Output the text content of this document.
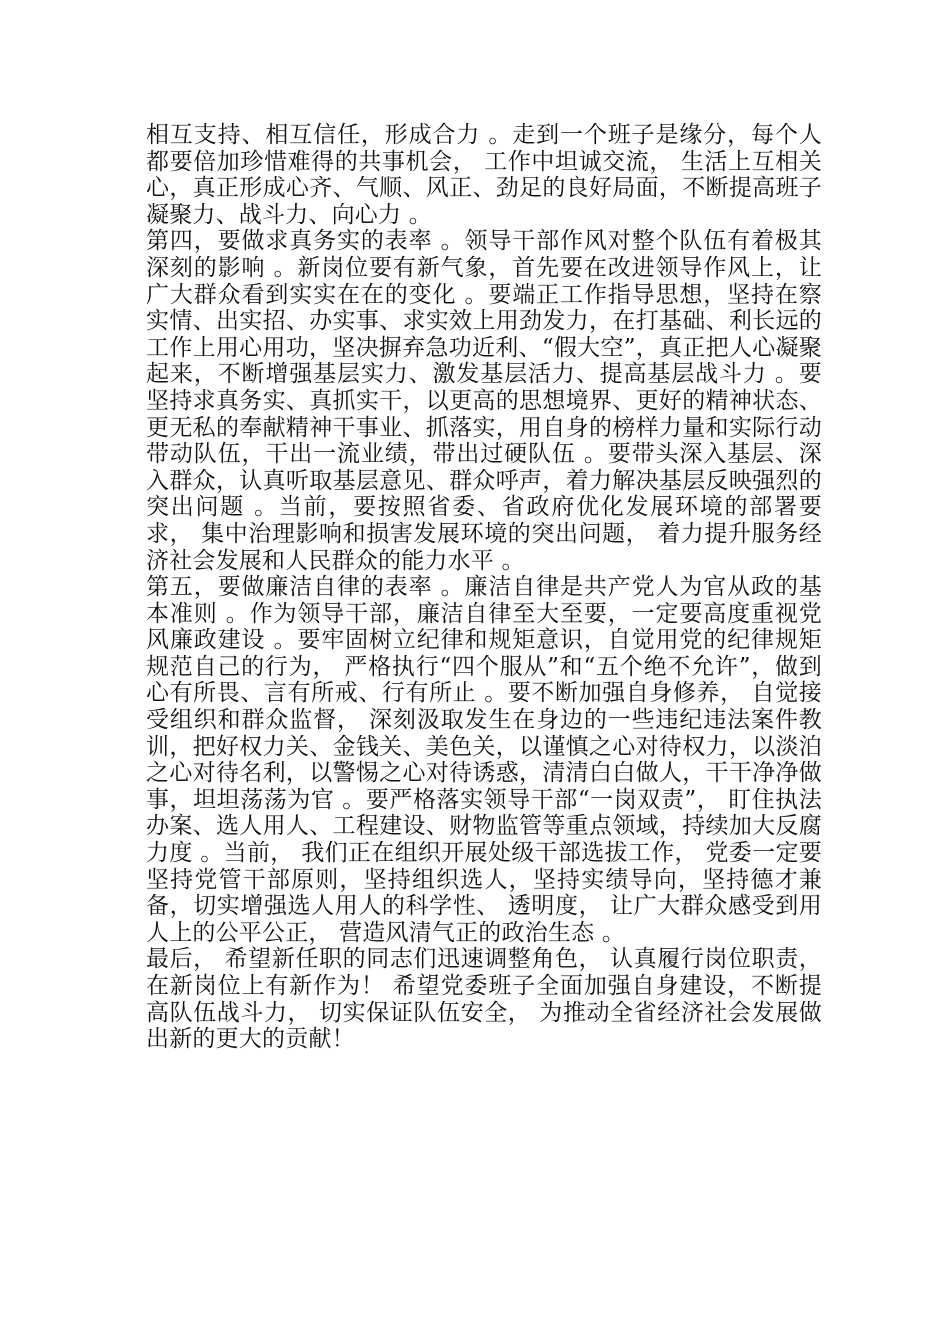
相互支持、相互信任，形成合力 。走到一个班子是缘分，每个人都要倍加珍惜难得的共事机会， 工作中坦诚交流， 生活上互相关心，真正形成心齐、气顺、风正、劲足的良好局面，不断提高班子凝聚力、战斗力、向心力 。

第四，要做求真务实的表率 。领导干部作风对整个队伍有着极其深刻的影响 。新岗位要有新气象，首先要在改进领导作风上，让广大群众看到实实在在的变化 。要端正工作指导思想，坚持在察实情、出实招、办实事、求实效上用劲发力，在打基础、利长远的工作上用心用功，坚决摒弃急功近利、“假大空”，真正把人心凝聚起来，不断增强基层实力、激发基层活力、提高基层战斗力 。要坚持求真务实、真抓实干，以更高的思想境界、更好的精神状态、更无私的奉献精神干事业、抓落实，用自身的榜样力量和实际行动带动队伍，干出一流业绩，带出过硬队伍 。要带头深入基层、深入群众，认真听取基层意见、群众呼声，着力解决基层反映强烈的突出问题 。当前，要按照省委、省政府优化发展环境的部署要求， 集中治理影响和损害发展环境的突出问题， 着力提升服务经济社会发展和人民群众的能力水平 。

第五，要做廉洁自律的表率 。廉洁自律是共产党人为官从政的基本准则 。作为领导干部，廉洁自律至大至要，一定要高度重视党风廉政建设 。要牢固树立纪律和规矩意识，自觉用党的纪律规矩规范自己的行为， 严格执行“四个服从”和“五个绝不允许”，做到心有所畏、言有所戒、行有所止 。要不断加强自身修养， 自觉接受组织和群众监督， 深刻汲取发生在身边的一些违纪违法案件教训，把好权力关、金钱关、美色关，以谨慎之心对待权力，以淡泊之心对待名利，以警惕之心对待诱惑，清清白白做人，干干净净做事，坦坦荡荡为官 。要严格落实领导干部“一岗双责”， 盯住执法办案、选人用人、工程建设、财物监管等重点领域，持续加大反腐力度 。当前， 我们正在组织开展处级干部选拔工作， 党委一定要坚持党管干部原则，坚持组织选人，坚持实绩导向，坚持德才兼备，切实增强选人用人的科学性、 透明度， 让广大群众感受到用人上的公平公正， 营造风清气正的政治生态 。

最后， 希望新任职的同志们迅速调整角色， 认真履行岗位职责， 在新岗位上有新作为！ 希望党委班子全面加强自身建设，不断提高队伍战斗力， 切实保证队伍安全， 为推动全省经济社会发展做出新的更大的贡献！
